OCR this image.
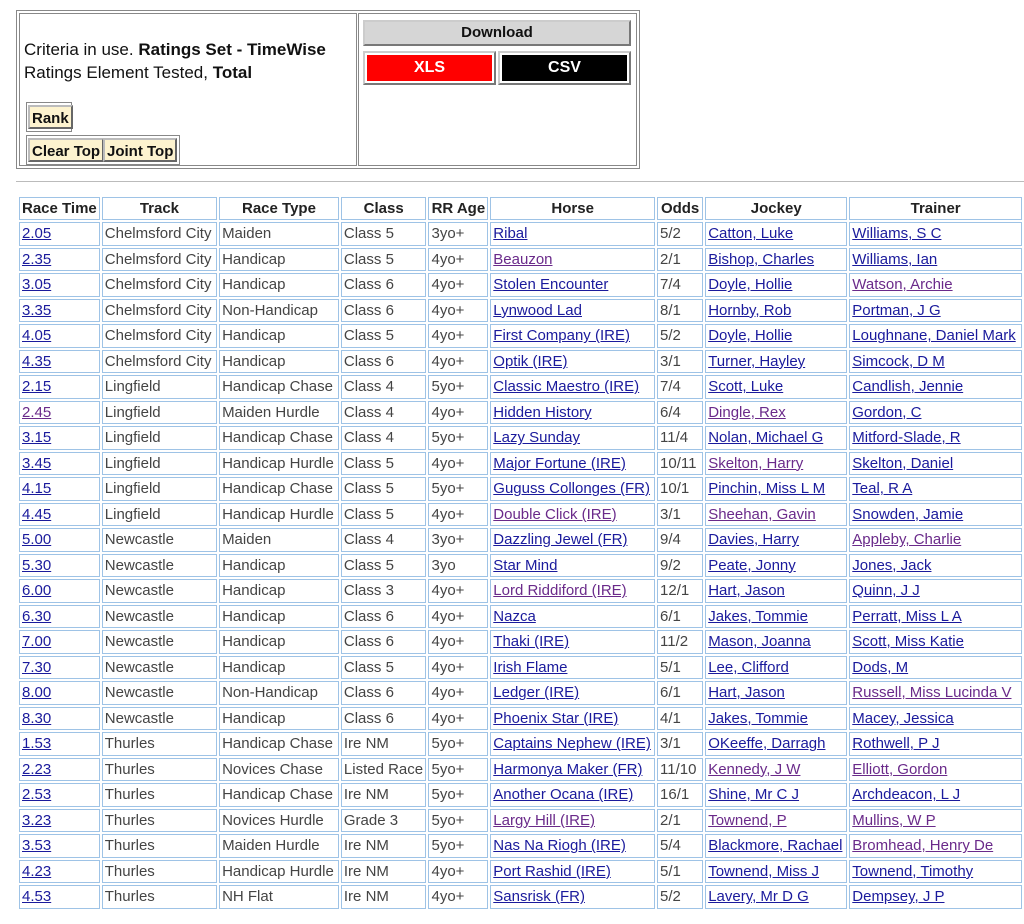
Criteria in use. Ratings Set - TimeWise
Ratings Element Tested, Total
Rank
Clear Top Joint Top
Download
XLS	CSV
Race Time	Track	Race Type	Class	RR Age	Horse	Odds	Jockey	Trainer
2.05	Chelmsford City	Maiden	Class 5	3yo+	Ribal	5/2	Catton, Luke	Williams, S C
2.35	Chelmsford City	Handicap	Class 5	4yo+	Beauzon	2/1	Bishop, Charles	Williams, Ian
3.05	Chelmsford City	Handicap	Class 6	4yo+	Stolen Encounter	7/4	Doyle, Hollie	Watson, Archie
3.35	Chelmsford City	Non-Handicap	Class 6	4yo+	Lynwood Lad	8/1	Hornby, Rob	Portman, J G
4.05	Chelmsford City	Handicap	Class 5	4yo+	First Company (IRE)	5/2	Doyle, Hollie	Loughnane, Daniel Mark
4.35	Chelmsford City	Handicap	Class 6	4yo+	Optik (IRE)	3/1	Turner, Hayley	Simcock, D M
2.15	Lingfield	Handicap Chase	Class 4	5yo+	Classic Maestro (IRE)	7/4	Scott, Luke	Candlish, Jennie
2.45	Lingfield	Maiden Hurdle	Class 4	4yo+	Hidden History	6/4	Dingle, Rex	Gordon, C
3.15	Lingfield	Handicap Chase	Class 4	5yo+	Lazy Sunday	11/4	Nolan, Michael G	Mitford-Slade, R
3.45	Lingfield	Handicap Hurdle	Class 5	4yo+	Major Fortune (IRE)	10/11	Skelton, Harry	Skelton, Daniel
4.15	Lingfield	Handicap Chase	Class 5	5yo+	Guguss Collonges (FR)	10/1	Pinchin, Miss L M	Teal, R A
4.45	Lingfield	Handicap Hurdle	Class 5	4yo+	Double Click (IRE)	3/1	Sheehan, Gavin	Snowden, Jamie
5.00	Newcastle	Maiden	Class 4	3yo+	Dazzling Jewel (FR)	9/4	Davies, Harry	Appleby, Charlie
5.30	Newcastle	Handicap	Class 5	3yo	Star Mind	9/2	Peate, Jonny	Jones, Jack
6.00	Newcastle	Handicap	Class 3	4yo+	Lord Riddiford (IRE)	12/1	Hart, Jason	Quinn, J J
6.30	Newcastle	Handicap	Class 6	4yo+	Nazca	6/1	Jakes, Tommie	Perratt, Miss L A
7.00	Newcastle	Handicap	Class 6	4yo+	Thaki (IRE)	11/2	Mason, Joanna	Scott, Miss Katie
7.30	Newcastle	Handicap	Class 5	4yo+	Irish Flame	5/1	Lee, Clifford	Dods, M
8.00	Newcastle	Non-Handicap	Class 6	4yo+	Ledger (IRE)	6/1	Hart, Jason	Russell, Miss Lucinda V
8.30	Newcastle	Handicap	Class 6	4yo+	Phoenix Star (IRE)	4/1	Jakes, Tommie	Macey, Jessica
1.53	Thurles	Handicap Chase	Ire NM	5yo+	Captains Nephew (IRE)	3/1	OKeeffe, Darragh	Rothwell, P J
2.23	Thurles	Novices Chase	Listed Race	5yo+	Harmonya Maker (FR)	11/10	Kennedy, J W	Elliott, Gordon
2.53	Thurles	Handicap Chase	Ire NM	5yo+	Another Ocana (IRE)	16/1	Shine, Mr C J	Archdeacon, L J
3.23	Thurles	Novices Hurdle	Grade 3	5yo+	Largy Hill (IRE)	2/1	Townend, P	Mullins, W P
3.53	Thurles	Maiden Hurdle	Ire NM	5yo+	Nas Na Riogh (IRE)	5/4	Blackmore, Rachael	Bromhead, Henry De
4.23	Thurles	Handicap Hurdle	Ire NM	4yo+	Port Rashid (IRE)	5/1	Townend, Miss J	Townend, Timothy
4.53	Thurles	NH Flat	Ire NM	4yo+	Sansrisk (FR)	5/2	Lavery, Mr D G	Dempsey, J P
